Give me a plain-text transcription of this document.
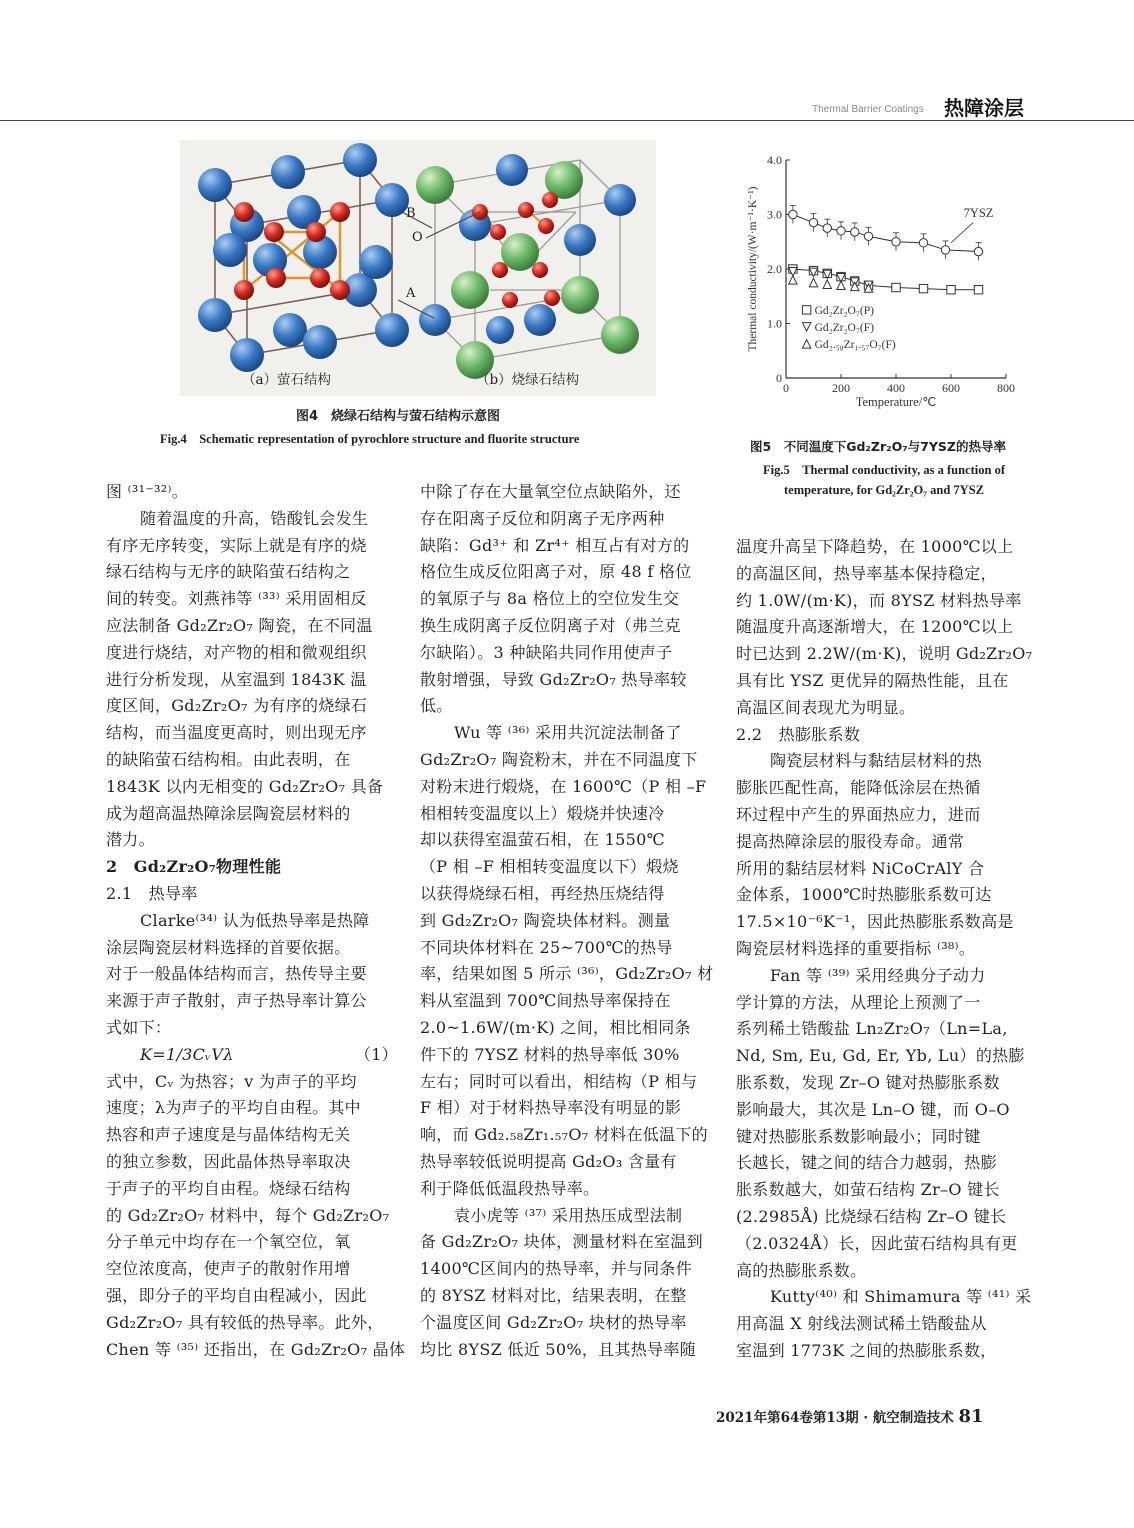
Thermal Barrier Coatings 热障涂层
B
O
A
（a）萤石结构	（b）烧绿石结构
图4　烧绿石结构与萤石结构示意图
Fig.4　Schematic representation of pyrochlore structure and fluorite structure
0	200	400	600	800
0
1.0
2.0
3.0
4.0
Temperature/℃
Thermal conductivity/(W·m⁻¹·K⁻¹)	7YSZ
Gd₂Zr₂O₇(P)
Gd₂Zr₂O₇(F)
Gd₂.₅₈Zr₁.₅₇O₇(F)
图5　不同温度下Gd₂Zr₂O₇与7YSZ的热导率
Fig.5　Thermal conductivity, as a function of
temperature, for Gd₂Zr₂O₇ and 7YSZ
图 ⁽³¹⁻³²⁾。
随着温度的升高，锆酸钆会发生
有序无序转变，实际上就是有序的烧
绿石结构与无序的缺陷萤石结构之
间的转变。刘燕祎等 ⁽³³⁾ 采用固相反
应法制备 Gd₂Zr₂O₇ 陶瓷，在不同温
度进行烧结，对产物的相和微观组织
进行分析发现，从室温到 1843K 温
度区间，Gd₂Zr₂O₇ 为有序的烧绿石
结构，而当温度更高时，则出现无序
的缺陷萤石结构相。由此表明，在
1843K 以内无相变的 Gd₂Zr₂O₇ 具备
成为超高温热障涂层陶瓷层材料的
潜力。
2　Gd₂Zr₂O₇物理性能
2.1　热导率
Clarke⁽³⁴⁾ 认为低热导率是热障
涂层陶瓷层材料选择的首要依据。
对于一般晶体结构而言，热传导主要
来源于声子散射，声子热导率计算公
式如下：
K=1/3CᵥVλ	（1）
式中，Cᵥ 为热容；v 为声子的平均
速度；λ为声子的平均自由程。其中
热容和声子速度是与晶体结构无关
的独立参数，因此晶体热导率取决
于声子的平均自由程。烧绿石结构
的 Gd₂Zr₂O₇ 材料中，每个 Gd₂Zr₂O₇
分子单元中均存在一个氧空位，氧
空位浓度高，使声子的散射作用增
强，即分子的平均自由程减小，因此
Gd₂Zr₂O₇ 具有较低的热导率。此外，
Chen 等 ⁽³⁵⁾ 还指出，在 Gd₂Zr₂O₇ 晶体
中除了存在大量氧空位点缺陷外，还
存在阳离子反位和阴离子无序两种
缺陷：Gd³⁺ 和 Zr⁴⁺ 相互占有对方的
格位生成反位阳离子对，原 48 f 格位
的氧原子与 8a 格位上的空位发生交
换生成阴离子反位阴离子对（弗兰克
尔缺陷）。3 种缺陷共同作用使声子
散射增强，导致 Gd₂Zr₂O₇ 热导率较
低。
Wu 等 ⁽³⁶⁾ 采用共沉淀法制备了
Gd₂Zr₂O₇ 陶瓷粉末，并在不同温度下
对粉末进行煅烧，在 1600℃（P 相 –F
相相转变温度以上）煅烧并快速冷
却以获得室温萤石相，在 1550℃
（P 相 –F 相相转变温度以下）煅烧
以获得烧绿石相，再经热压烧结得
到 Gd₂Zr₂O₇ 陶瓷块体材料。测量
不同块体材料在 25~700℃的热导
率，结果如图 5 所示 ⁽³⁶⁾，Gd₂Zr₂O₇ 材
料从室温到 700℃间热导率保持在
2.0~1.6W/(m·K) 之间，相比相同条
件下的 7YSZ 材料的热导率低 30%
左右；同时可以看出，相结构（P 相与
F 相）对于材料热导率没有明显的影
响，而 Gd₂.₅₈Zr₁.₅₇O₇ 材料在低温下的
热导率较低说明提高 Gd₂O₃ 含量有
利于降低低温段热导率。
袁小虎等 ⁽³⁷⁾ 采用热压成型法制
备 Gd₂Zr₂O₇ 块体，测量材料在室温到
1400℃区间内的热导率，并与同条件
的 8YSZ 材料对比，结果表明，在整
个温度区间 Gd₂Zr₂O₇ 块材的热导率
均比 8YSZ 低近 50%，且其热导率随
温度升高呈下降趋势，在 1000℃以上
的高温区间，热导率基本保持稳定，
约 1.0W/(m·K)，而 8YSZ 材料热导率
随温度升高逐渐增大，在 1200℃以上
时已达到 2.2W/(m·K)，说明 Gd₂Zr₂O₇
具有比 YSZ 更优异的隔热性能，且在
高温区间表现尤为明显。
2.2　热膨胀系数
陶瓷层材料与黏结层材料的热
膨胀匹配性高，能降低涂层在热循
环过程中产生的界面热应力，进而
提高热障涂层的服役寿命。通常
所用的黏结层材料 NiCoCrAlY 合
金体系，1000℃时热膨胀系数可达
17.5×10⁻⁶K⁻¹，因此热膨胀系数高是
陶瓷层材料选择的重要指标 ⁽³⁸⁾。
Fan 等 ⁽³⁹⁾ 采用经典分子动力
学计算的方法，从理论上预测了一
系列稀土锆酸盐 Ln₂Zr₂O₇（Ln=La,
Nd, Sm, Eu, Gd, Er, Yb, Lu）的热膨
胀系数，发现 Zr–O 键对热膨胀系数
影响最大，其次是 Ln–O 键，而 O–O
键对热膨胀系数影响最小；同时键
长越长，键之间的结合力越弱，热膨
胀系数越大，如萤石结构 Zr–O 键长
(2.2985Å) 比烧绿石结构 Zr–O 键长
（2.0324Å）长，因此萤石结构具有更
高的热膨胀系数。
Kutty⁽⁴⁰⁾ 和 Shimamura 等 ⁽⁴¹⁾ 采
用高温 X 射线法测试稀土锆酸盐从
室温到 1773K 之间的热膨胀系数，
2021年第64卷第13期 · 航空制造技术 81
